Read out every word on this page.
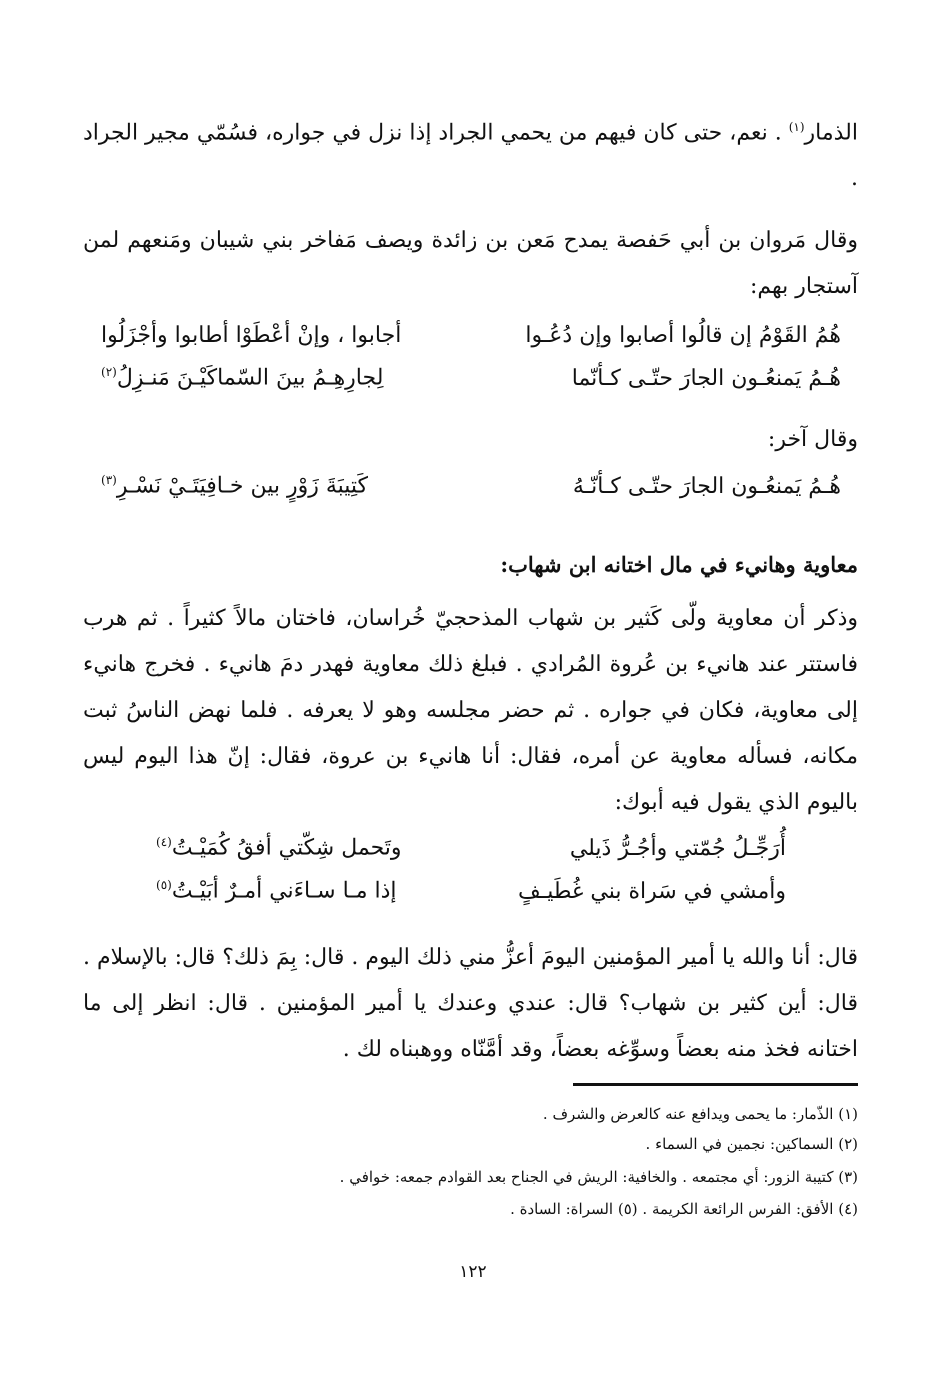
الذمار$^{(١)}$ . نعم، حتى كان فيهم من يحمي الجراد إذا نزل في جواره، فسُمّي مجير الجراد .

وقال مَروان بن أبي حَفصة يمدح مَعن بن زائدة ويصف مَفاخر بني شيبان ومَنعهم لمن آستجار بهم:

هُمُ القَوْمُ إن قالُوا أصابوا وإن دُعُـوا
أجابوا ، وإنْ أعْطَوْا أطابوا وأجْزَلُوا
هُـمُ يَمنعُـون الجارَ حتّـى كـأنّما
لِجارِهِـمُ بينَ السّماكَيْـنَ مَنـزِلُ$^{(٢)}$

وقال آخر:

هُـمُ يَمنعُـون الجارَ حتّـى كـأنّـهُ
كَتِيبَةَ زَوْرٍ بين خـافِيَتَـيْ نَسْـرِ$^{(٣)}$

معاوية وهانيء في مال اختانه ابن شهاب:

وذكر أن معاوية ولّى كَثير بن شهاب المذحجيّ خُراسان، فاختان مالاً كثيراً . ثم هرب فاستتر عند هانيء بن عُروة المُرادي . فبلغ ذلك معاوية فهدر دمَ هانيء . فخرج هانيء إلى معاوية، فكان في جواره . ثم حضر مجلسه وهو لا يعرفه . فلما نهض الناسُ ثبت مكانه، فسأله معاوية عن أمره، فقال: أنا هانيء بن عروة، فقال: إنّ هذا اليوم ليس باليوم الذي يقول فيه أبوك:

أُرَجِّـلُ جُمّتي وأجُـرُّ ذَيلي
وتَحمل شِكّتي أفقُ كُمَيْـتُ$^{(٤)}$
وأمشي في سَراة بني غُطَيـفٍ
إذا مـا سـاءَني أمـرٌ أبَيْـتُ$^{(٥)}$

قال: أنا والله يا أمير المؤمنين اليومَ أعزُّ مني ذلك اليوم . قال: بِمَ ذلك؟ قال: بالإسلام . قال: أين كثير بن شهاب؟ قال: عندي وعندك يا أمير المؤمنين . قال: انظر إلى ما اختانه فخذ منه بعضاً وسوِّغه بعضاً، وقد أمَّنّاه ووهبناه لك .

(١) الذّمار: ما يحمى ويدافع عنه كالعرض والشرف .
(٢) السماكين: نجمين في السماء .
(٣) كتيبة الزور: أي مجتمعه . والخافية: الريش في الجناح بعد القوادم جمعه: خوافي .
(٤) الأفق: الفرس الرائعة الكريمة . (٥) السراة: السادة .
١٢٢
